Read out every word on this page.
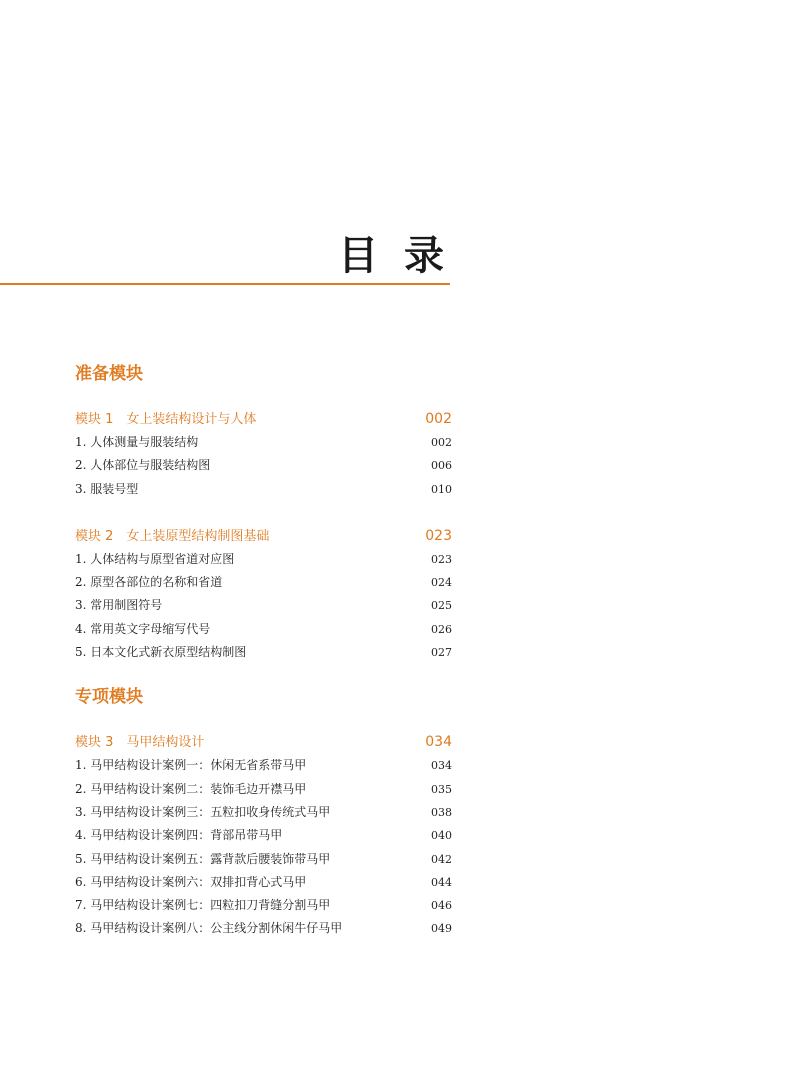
目 录
准备模块
模块 1　女上装结构设计与人体	002
1. 人体测量与服装结构	002
2. 人体部位与服装结构图	006
3. 服装号型	010
模块 2　女上装原型结构制图基础	023
1. 人体结构与原型省道对应图	023
2. 原型各部位的名称和省道	024
3. 常用制图符号	025
4. 常用英文字母缩写代号	026
5. 日本文化式新衣原型结构制图	027
专项模块
模块 3　马甲结构设计	034
1. 马甲结构设计案例一：休闲无省系带马甲	034
2. 马甲结构设计案例二：装饰毛边开襟马甲	035
3. 马甲结构设计案例三：五粒扣收身传统式马甲	038
4. 马甲结构设计案例四：背部吊带马甲	040
5. 马甲结构设计案例五：露背款后腰装饰带马甲	042
6. 马甲结构设计案例六：双排扣背心式马甲	044
7. 马甲结构设计案例七：四粒扣刀背缝分割马甲	046
8. 马甲结构设计案例八：公主线分割休闲牛仔马甲	049
